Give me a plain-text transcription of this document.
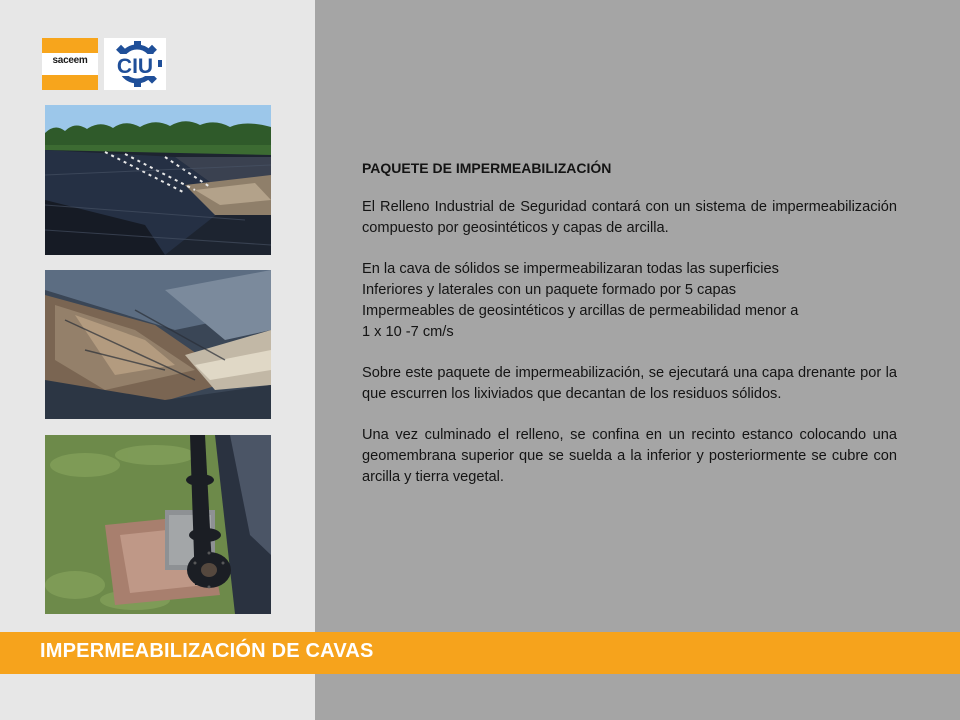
saceem	CIU
PAQUETE DE IMPERMEABILIZACIÓN

El Relleno Industrial de Seguridad contará con un sistema de impermeabilización compuesto por geosintéticos y capas de arcilla.

En la cava de sólidos se impermeabilizaran todas las superficies
Inferiores y laterales con un paquete formado por 5 capas
Impermeables de geosintéticos y arcillas de permeabilidad menor a
1 x 10 -7 cm/s

Sobre este paquete de impermeabilización, se ejecutará una capa drenante por la que escurren los lixiviados que decantan de los residuos sólidos.

Una vez culminado el relleno, se confina en un recinto estanco colocando una geomembrana superior que se suelda a la inferior y posteriormente se cubre con arcilla y tierra vegetal.

IMPERMEABILIZACIÓN DE CAVAS
